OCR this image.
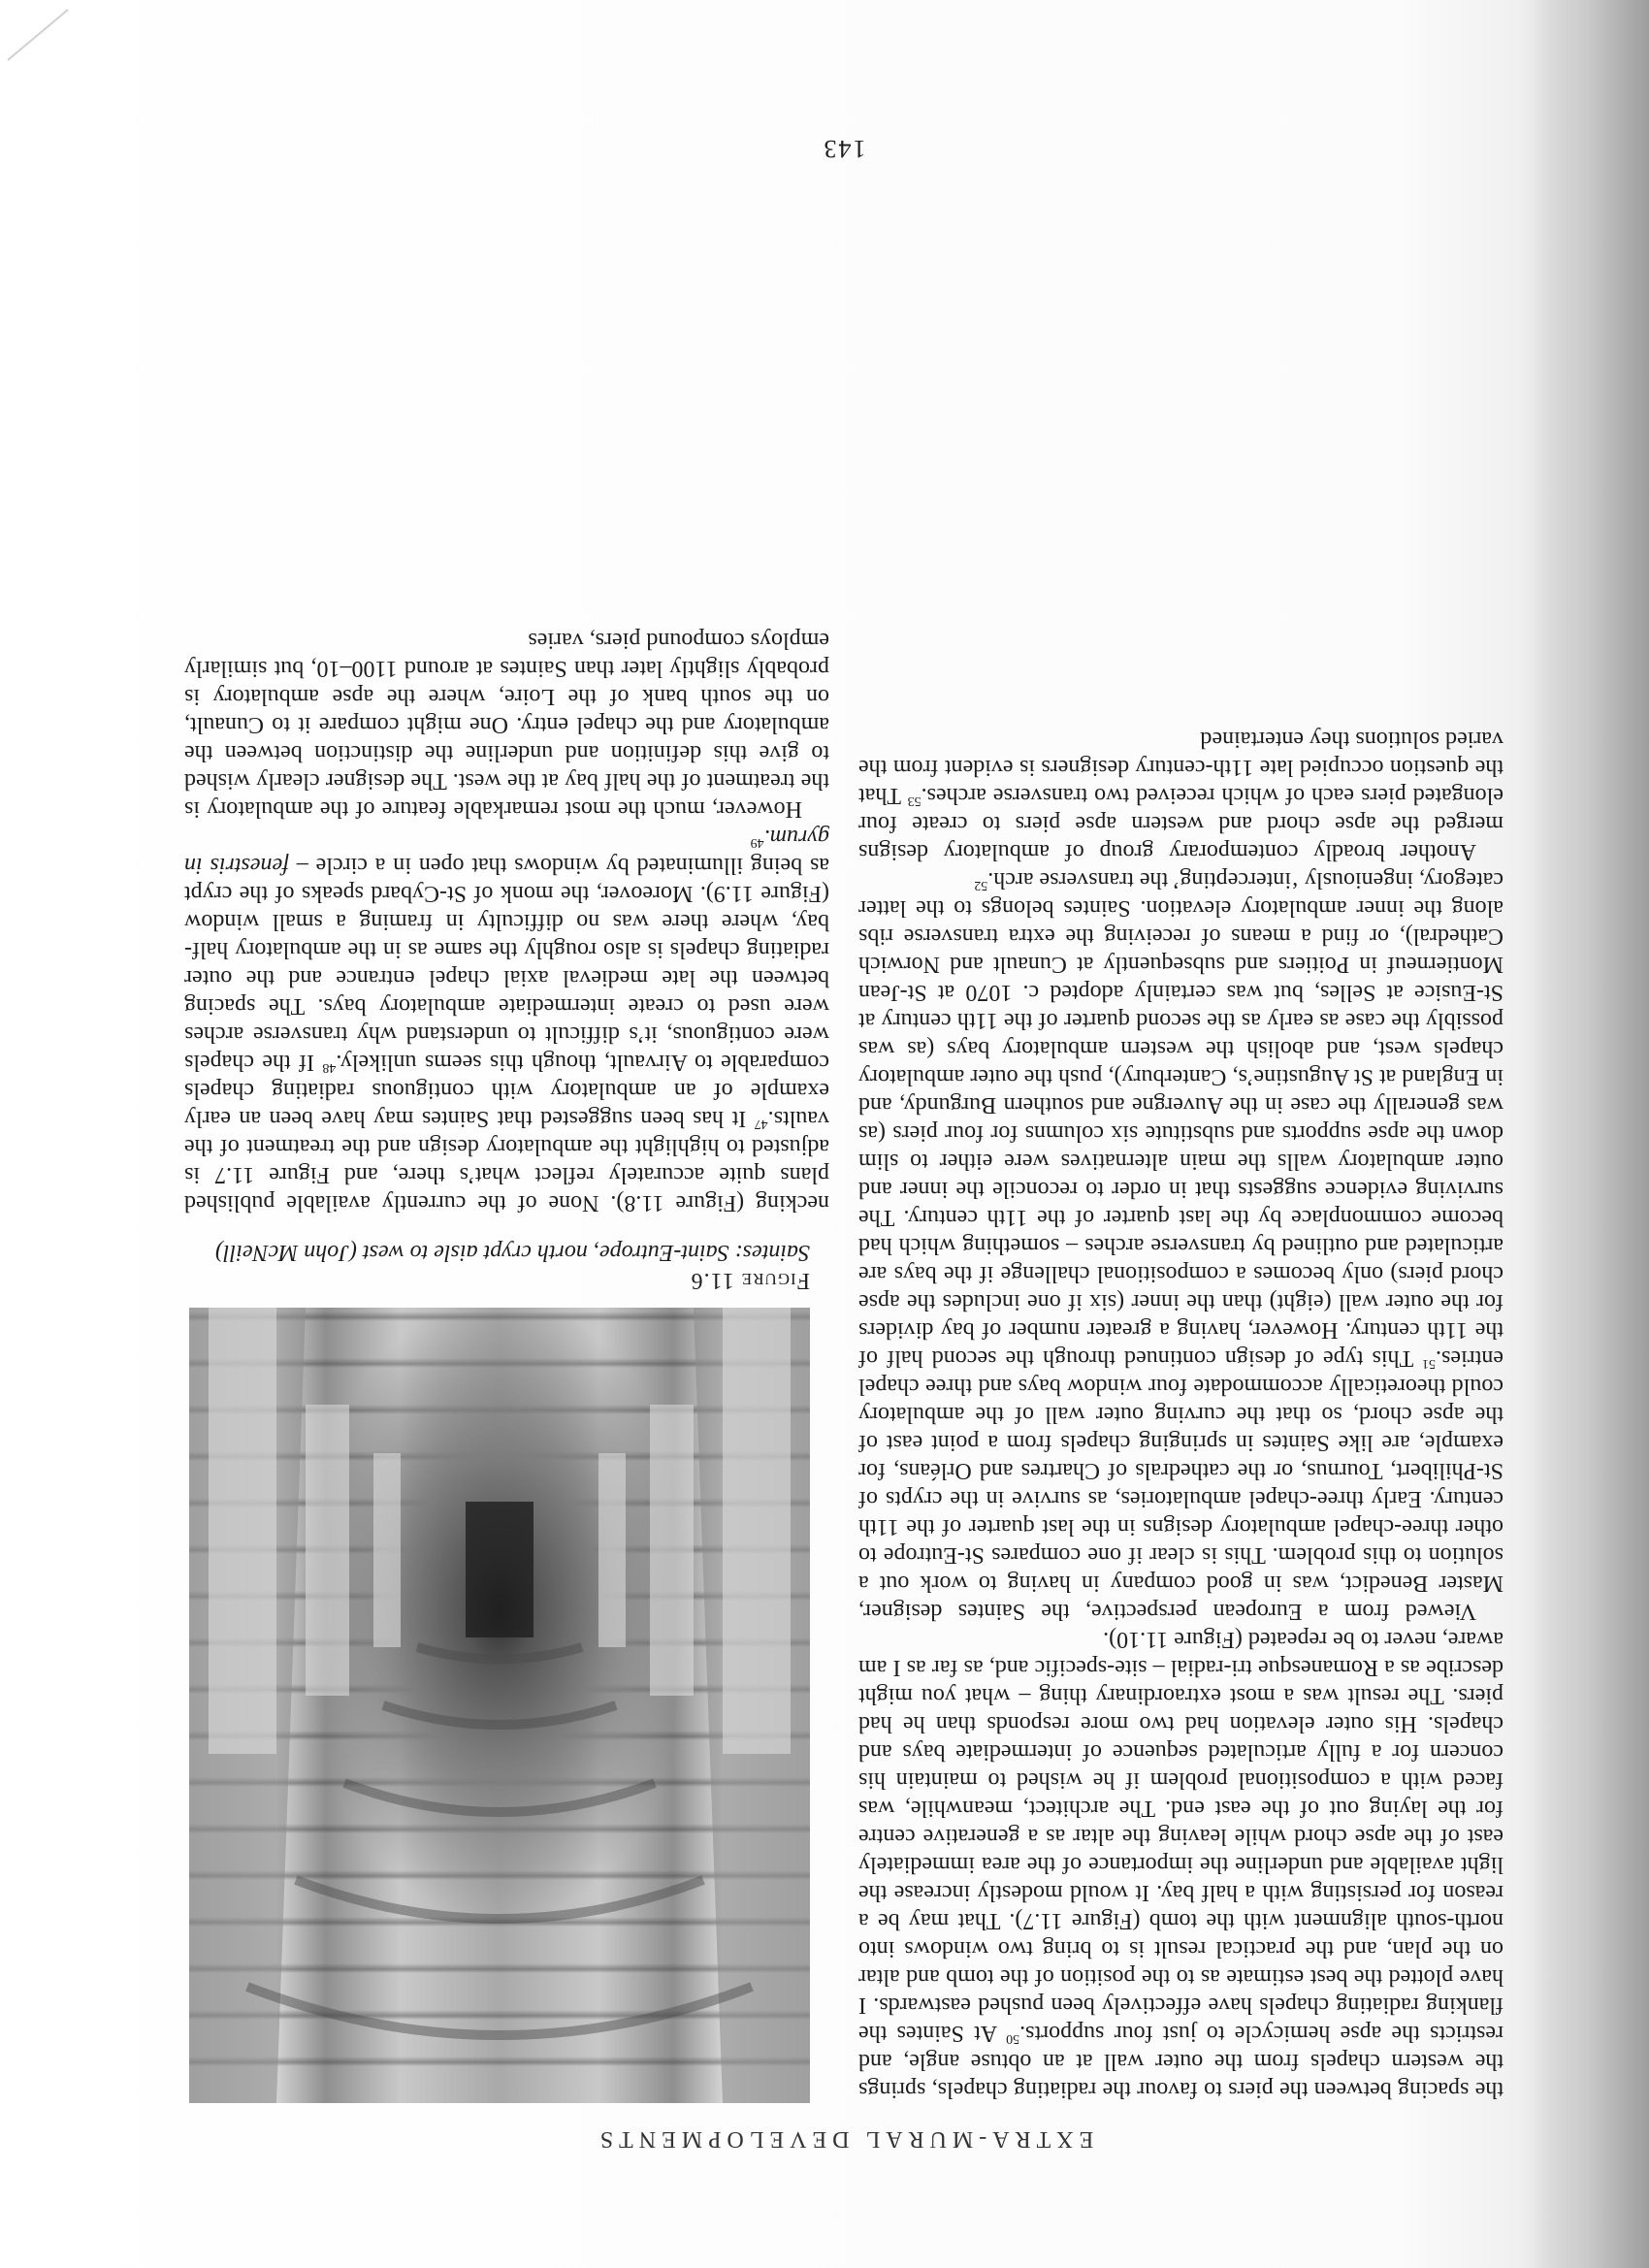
EXTRA-MURAL DEVELOPMENTS

the spacing between the piers to favour the radiating chapels, springs the western chapels from the outer wall at an obtuse angle, and restricts the apse hemicycle to just four supports.$^{50}$ At Saintes the flanking radiating chapels have effectively been pushed eastwards. I have plotted the best estimate as to the position of the tomb and altar on the plan, and the practical result is to bring two windows into north-south alignment with the tomb (Figure 11.7). That may be a reason for persisting with a half bay. It would modestly increase the light available and underline the importance of the area immediately east of the apse chord while leaving the altar as a generative centre for the laying out of the east end. The architect, meanwhile, was faced with a compositional problem if he wished to maintain his concern for a fully articulated sequence of intermediate bays and chapels. His outer elevation had two more responds than he had piers. The result was a most extraordinary thing – what you might describe as a Romanesque tri-radial – site-specific and, as far as I am aware, never to be repeated (Figure 11.10).

Viewed from a European perspective, the Saintes designer, Master Benedict, was in good company in having to work out a solution to this problem. This is clear if one compares St-Eutrope to other three-chapel ambulatory designs in the last quarter of the 11th century. Early three-chapel ambulatories, as survive in the crypts of St-Philibert, Tournus, or the cathedrals of Chartres and Orléans, for example, are like Saintes in springing chapels from a point east of the apse chord, so that the curving outer wall of the ambulatory could theoretically accommodate four window bays and three chapel entries.$^{51}$ This type of design continued through the second half of the 11th century. However, having a greater number of bay dividers for the outer wall (eight) than the inner (six if one includes the apse chord piers) only becomes a compositional challenge if the bays are articulated and outlined by transverse arches – something which had become commonplace by the last quarter of the 11th century. The surviving evidence suggests that in order to reconcile the inner and outer ambulatory walls the main alternatives were either to slim down the apse supports and substitute six columns for four piers (as was generally the case in the Auvergne and southern Burgundy, and in England at St Augustine’s, Canterbury), push the outer ambulatory chapels west, and abolish the western ambulatory bays (as was possibly the case as early as the second quarter of the 11th century at St-Eusice at Selles, but was certainly adopted c. 1070 at St-Jean Montierneuf in Poitiers and subsequently at Cunault and Norwich Cathedral), or find a means of receiving the extra transverse ribs along the inner ambulatory elevation. Saintes belongs to the latter category, ingeniously ‘intercepting’ the transverse arch.$^{52}$

Another broadly contemporary group of ambulatory designs merged the apse chord and western apse piers to create four elongated piers each of which received two transverse arches.$^{53}$ That the question occupied late 11th-century designers is evident from the varied solutions they entertained

Figure 11.6
Saintes: Saint-Eutrope, north crypt aisle to west (John McNeill)

necking (Figure 11.8). None of the currently available published plans quite accurately reflect what’s there, and Figure 11.7 is adjusted to highlight the ambulatory design and the treatment of the vaults.$^{47}$ It has been suggested that Saintes may have been an early example of an ambulatory with contiguous radiating chapels comparable to Airvault, though this seems unlikely.$^{48}$ If the chapels were contiguous, it’s difficult to understand why transverse arches were used to create intermediate ambulatory bays. The spacing between the late medieval axial chapel entrance and the outer radiating chapels is also roughly the same as in the ambulatory half-bay, where there was no difficulty in framing a small window (Figure 11.9). Moreover, the monk of St-Cybard speaks of the crypt as being illuminated by windows that open in a circle – fenestris in gyrum.$^{49}$

However, much the most remarkable feature of the ambulatory is the treatment of the half bay at the west. The designer clearly wished to give this definition and underline the distinction between the ambulatory and the chapel entry. One might compare it to Cunault, on the south bank of the Loire, where the apse ambulatory is probably slightly later than Saintes at around 1100–10, but similarly employs compound piers, varies

143
